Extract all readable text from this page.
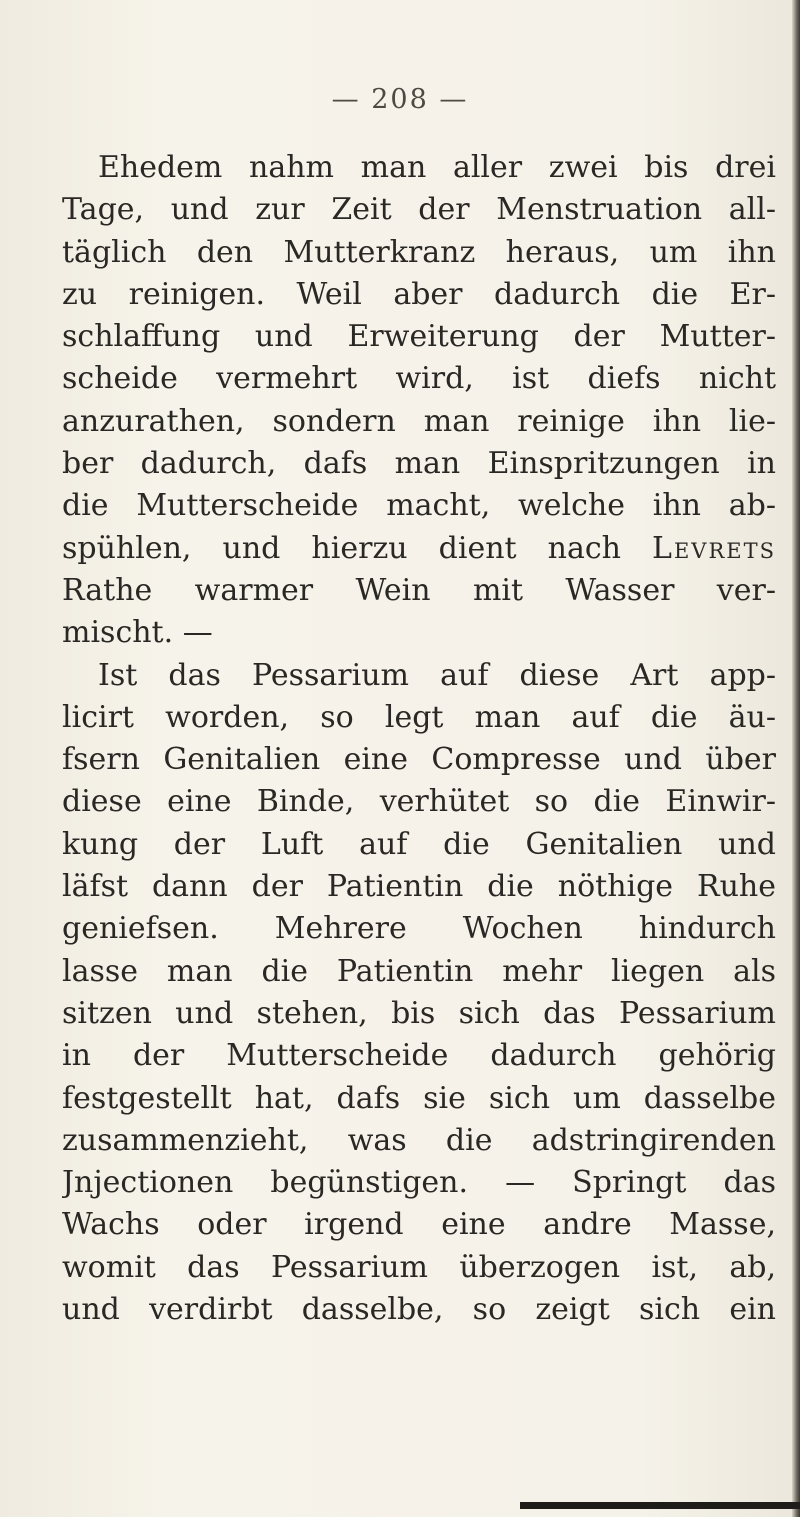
— 208 —
Ehedem nahm man aller zwei bis drei
Tage, und zur Zeit der Menstruation all-
täglich den Mutterkranz heraus, um ihn
zu reinigen. Weil aber dadurch die Er-
schlaffung und Erweiterung der Mutter-
scheide vermehrt wird, ist diefs nicht
anzurathen, sondern man reinige ihn lie-
ber dadurch, dafs man Einspritzungen in
die Mutterscheide macht, welche ihn ab-
spühlen, und hierzu dient nach Levrets
Rathe warmer Wein mit Wasser ver-
mischt. —
Ist das Pessarium auf diese Art app-
licirt worden, so legt man auf die äu-
fsern Genitalien eine Compresse und über
diese eine Binde, verhütet so die Einwir-
kung der Luft auf die Genitalien und
läfst dann der Patientin die nöthige Ruhe
geniefsen. Mehrere Wochen hindurch
lasse man die Patientin mehr liegen als
sitzen und stehen, bis sich das Pessarium
in der Mutterscheide dadurch gehörig
festgestellt hat, dafs sie sich um dasselbe
zusammenzieht, was die adstringirenden
Jnjectionen begünstigen. — Springt das
Wachs oder irgend eine andre Masse,
womit das Pessarium überzogen ist, ab,
und verdirbt dasselbe, so zeigt sich ein
